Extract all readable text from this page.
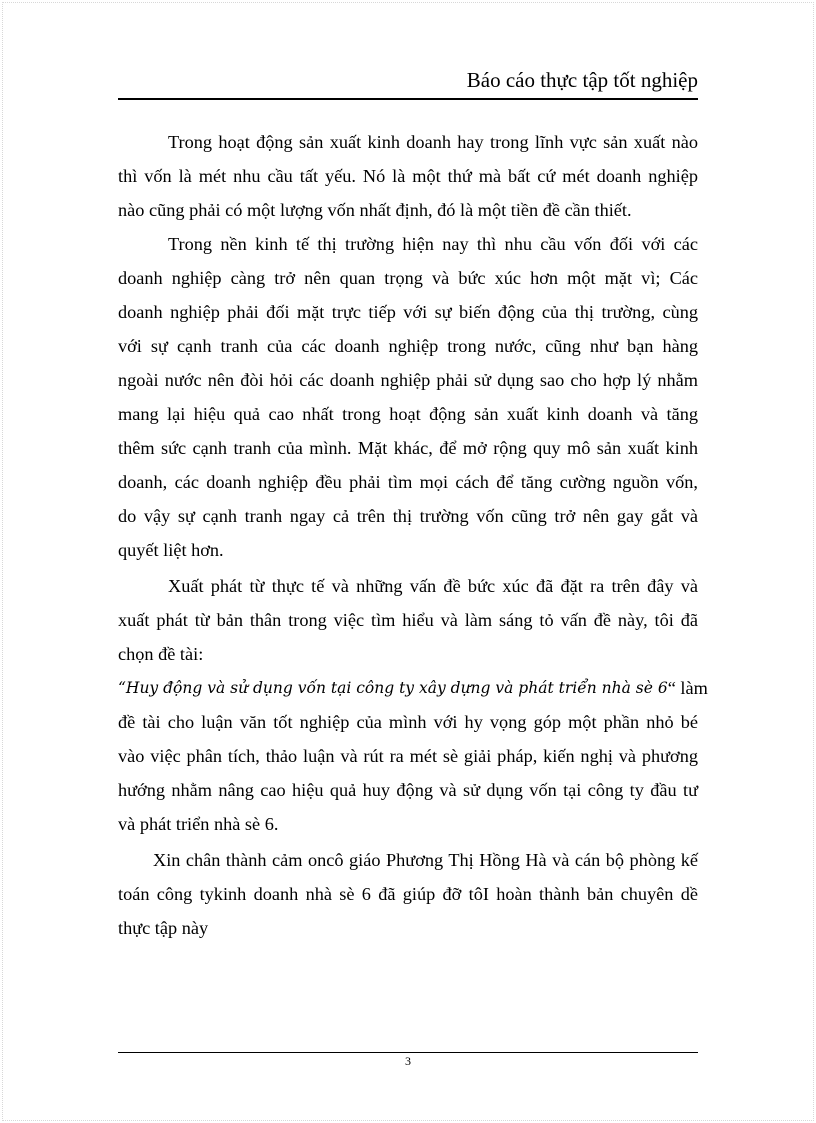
Báo cáo thực tập tốt nghiệp
Trong hoạt động sản xuất kinh doanh hay trong lĩnh vực sản xuất nào
thì vốn là mét nhu cầu tất yếu. Nó là một thứ mà bất cứ mét doanh nghiệp
nào cũng phải có một lượng vốn nhất định, đó là một tiền đề cần thiết.
Trong nền kinh tế thị trường hiện nay thì nhu cầu vốn đối với các
doanh nghiệp càng trở nên quan trọng và bức xúc hơn một mặt vì; Các
doanh nghiệp phải đối mặt trực tiếp với sự biến động của thị trường, cùng
với sự cạnh tranh của các doanh nghiệp trong nước, cũng như bạn hàng
ngoài nước nên đòi hỏi các doanh nghiệp phải sử dụng sao cho hợp lý nhằm
mang lại hiệu quả cao nhất trong hoạt động sản xuất kinh doanh và tăng
thêm sức cạnh tranh của mình. Mặt khác, để mở rộng quy mô sản xuất kinh
doanh, các doanh nghiệp đều phải tìm mọi cách để tăng cường nguồn vốn,
do vậy sự cạnh tranh ngay cả trên thị trường vốn cũng trở nên gay gắt và
quyết liệt hơn.
Xuất phát từ thực tế và những vấn đề bức xúc đã đặt ra trên đây và
xuất phát từ bản thân trong việc tìm hiểu và làm sáng tỏ vấn đề này, tôi đã
chọn đề tài:
“Huy động và sử dụng vốn tại công ty xây dựng và phát triển nhà sè 6 “ làm
đề tài cho luận văn tốt nghiệp của mình với hy vọng góp một phần nhỏ bé
vào việc phân tích, thảo luận và rút ra mét sè giải pháp, kiến nghị và phương
hướng nhằm nâng cao hiệu quả huy động và sử dụng vốn tại công ty đầu tư
và phát triển nhà sè 6.
Xin chân thành cảm oncô giáo Phương Thị Hồng Hà và cán bộ phòng kế
toán công tykinh doanh nhà sè 6 đã giúp đỡ tôI hoàn thành bản chuyên dề
thực tập này
3
